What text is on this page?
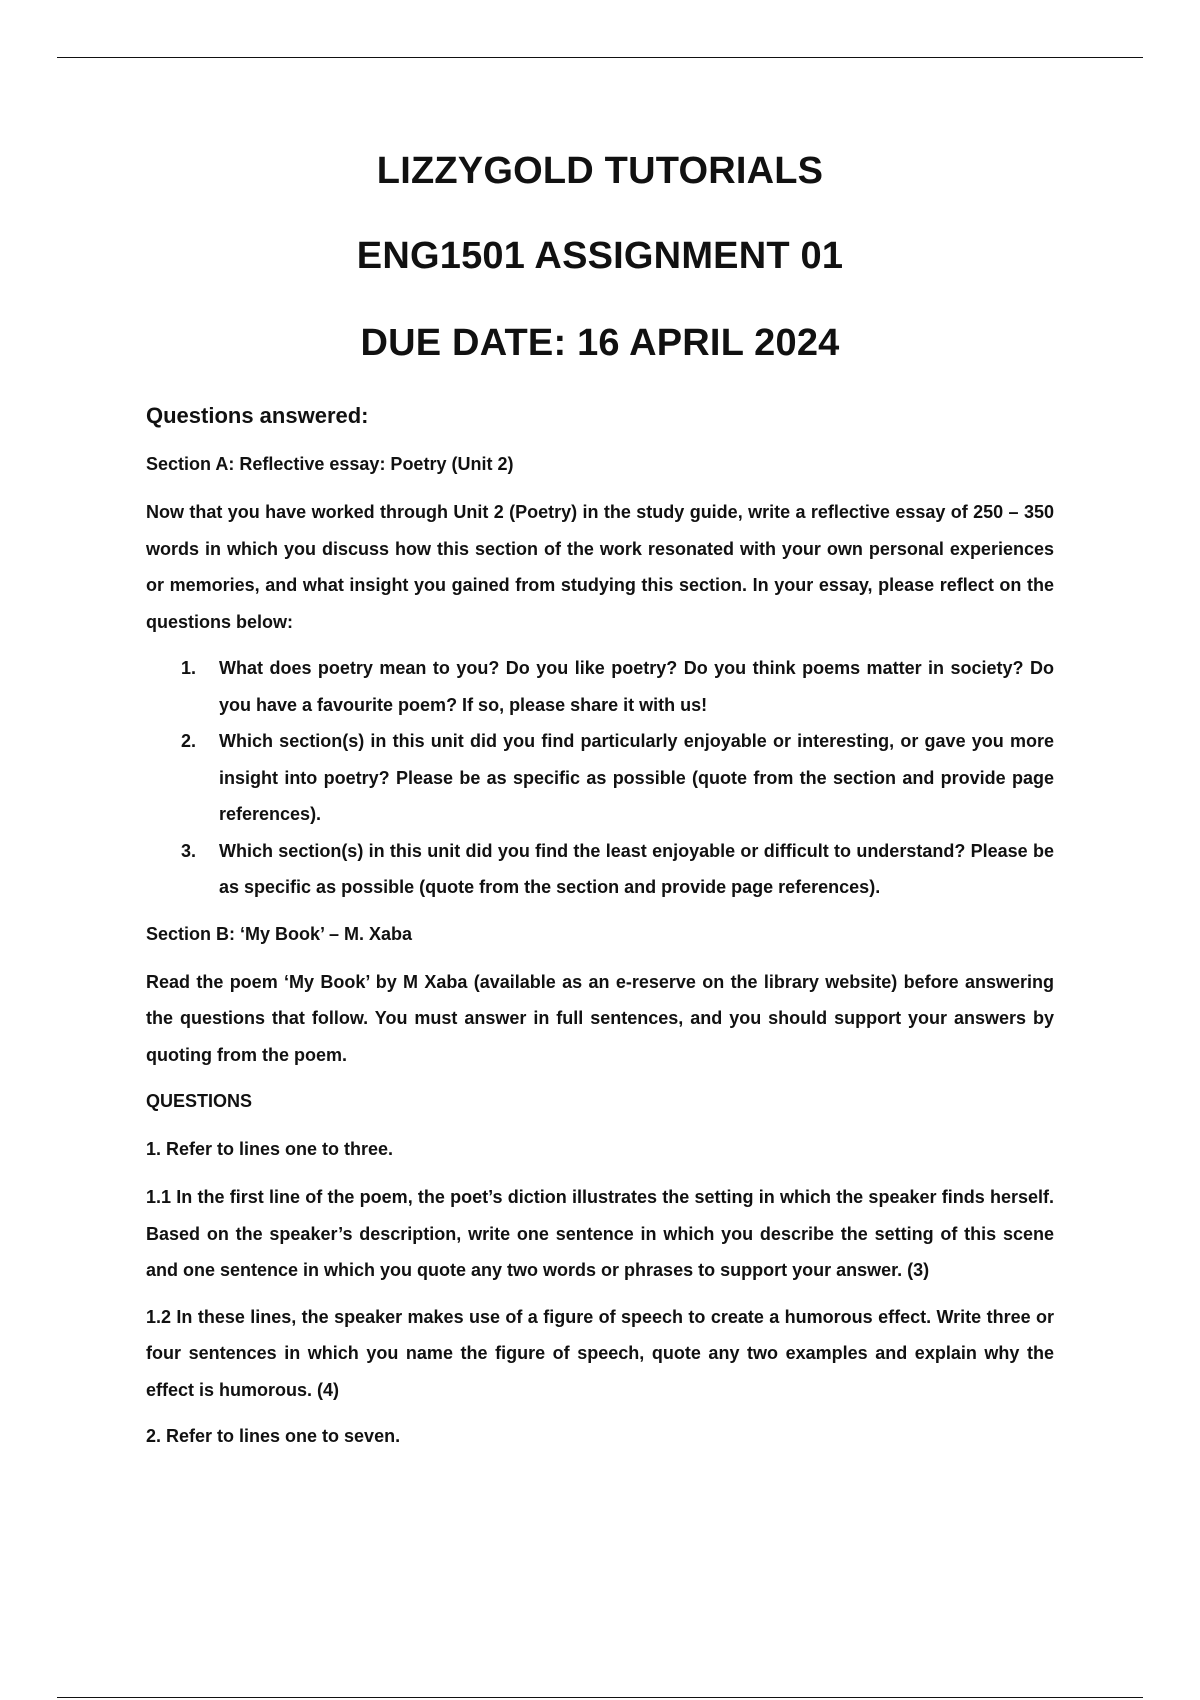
LIZZYGOLD TUTORIALS
ENG1501 ASSIGNMENT 01
DUE DATE: 16 APRIL 2024
Questions answered:
Section A: Reflective essay: Poetry (Unit 2)
Now that you have worked through Unit 2 (Poetry) in the study guide, write a reflective essay of 250 – 350 words in which you discuss how this section of the work resonated with your own personal experiences or memories, and what insight you gained from studying this section. In your essay, please reflect on the questions below:
1. What does poetry mean to you? Do you like poetry? Do you think poems matter in society? Do you have a favourite poem? If so, please share it with us!
2. Which section(s) in this unit did you find particularly enjoyable or interesting, or gave you more insight into poetry? Please be as specific as possible (quote from the section and provide page references).
3. Which section(s) in this unit did you find the least enjoyable or difficult to understand? Please be as specific as possible (quote from the section and provide page references).
Section B: ‘My Book’ – M. Xaba
Read the poem ‘My Book’ by M Xaba (available as an e-reserve on the library website) before answering the questions that follow. You must answer in full sentences, and you should support your answers by quoting from the poem.
QUESTIONS
1. Refer to lines one to three.
1.1 In the first line of the poem, the poet’s diction illustrates the setting in which the speaker finds herself. Based on the speaker’s description, write one sentence in which you describe the setting of this scene and one sentence in which you quote any two words or phrases to support your answer. (3)
1.2 In these lines, the speaker makes use of a figure of speech to create a humorous effect. Write three or four sentences in which you name the figure of speech, quote any two examples and explain why the effect is humorous. (4)
2. Refer to lines one to seven.
